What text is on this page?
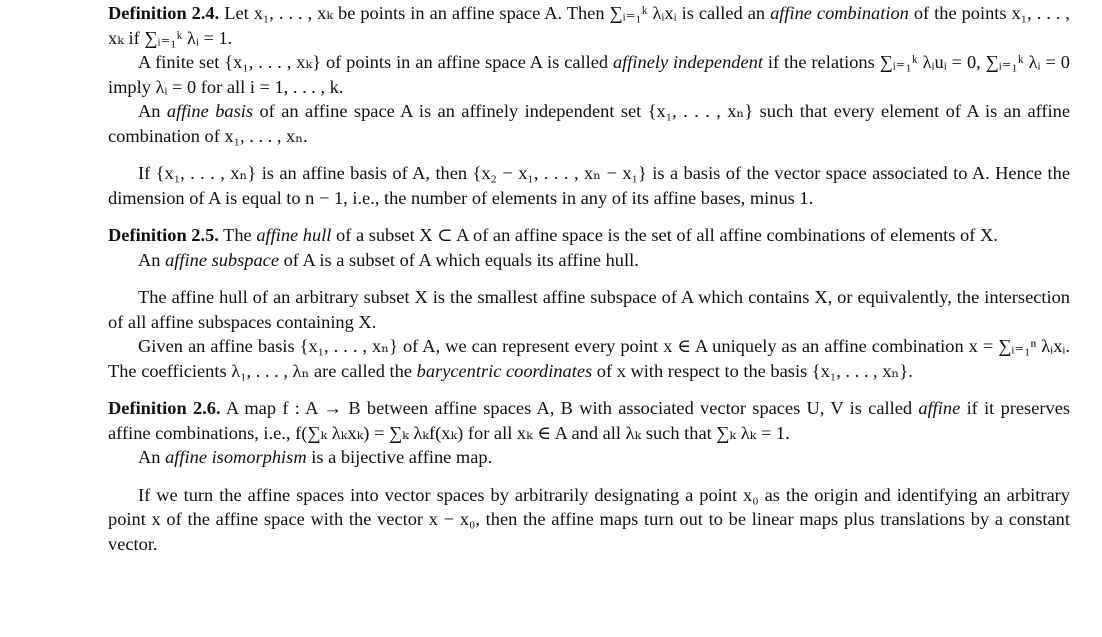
Definition 2.4. Let x₁, . . . , xₖ be points in an affine space A. Then ∑ᵢ₌₁ᵏ λᵢxᵢ is called an affine combination of the points x₁, . . . , xₖ if ∑ᵢ₌₁ᵏ λᵢ = 1.

A finite set {x₁, . . . , xₖ} of points in an affine space A is called affinely independent if the relations ∑ᵢ₌₁ᵏ λᵢuᵢ = 0, ∑ᵢ₌₁ᵏ λᵢ = 0 imply λᵢ = 0 for all i = 1, . . . , k.

An affine basis of an affine space A is an affinely independent set {x₁, . . . , xₙ} such that every element of A is an affine combination of x₁, . . . , xₙ.

If {x₁, . . . , xₙ} is an affine basis of A, then {x₂ − x₁, . . . , xₙ − x₁} is a basis of the vector space associated to A. Hence the dimension of A is equal to n − 1, i.e., the number of elements in any of its affine bases, minus 1.

Definition 2.5. The affine hull of a subset X ⊂ A of an affine space is the set of all affine combinations of elements of X.

An affine subspace of A is a subset of A which equals its affine hull.

The affine hull of an arbitrary subset X is the smallest affine subspace of A which contains X, or equivalently, the intersection of all affine subspaces containing X.

Given an affine basis {x₁, . . . , xₙ} of A, we can represent every point x ∈ A uniquely as an affine combination x = ∑ᵢ₌₁ⁿ λᵢxᵢ. The coefficients λ₁, . . . , λₙ are called the barycentric coordinates of x with respect to the basis {x₁, . . . , xₙ}.

Definition 2.6. A map f : A → B between affine spaces A, B with associated vector spaces U, V is called affine if it preserves affine combinations, i.e., f(∑ₖ λₖxₖ) = ∑ₖ λₖf(xₖ) for all xₖ ∈ A and all λₖ such that ∑ₖ λₖ = 1.

An affine isomorphism is a bijective affine map.

If we turn the affine spaces into vector spaces by arbitrarily designating a point x₀ as the origin and identifying an arbitrary point x of the affine space with the vector x − x₀, then the affine maps turn out to be linear maps plus translations by a constant vector.
